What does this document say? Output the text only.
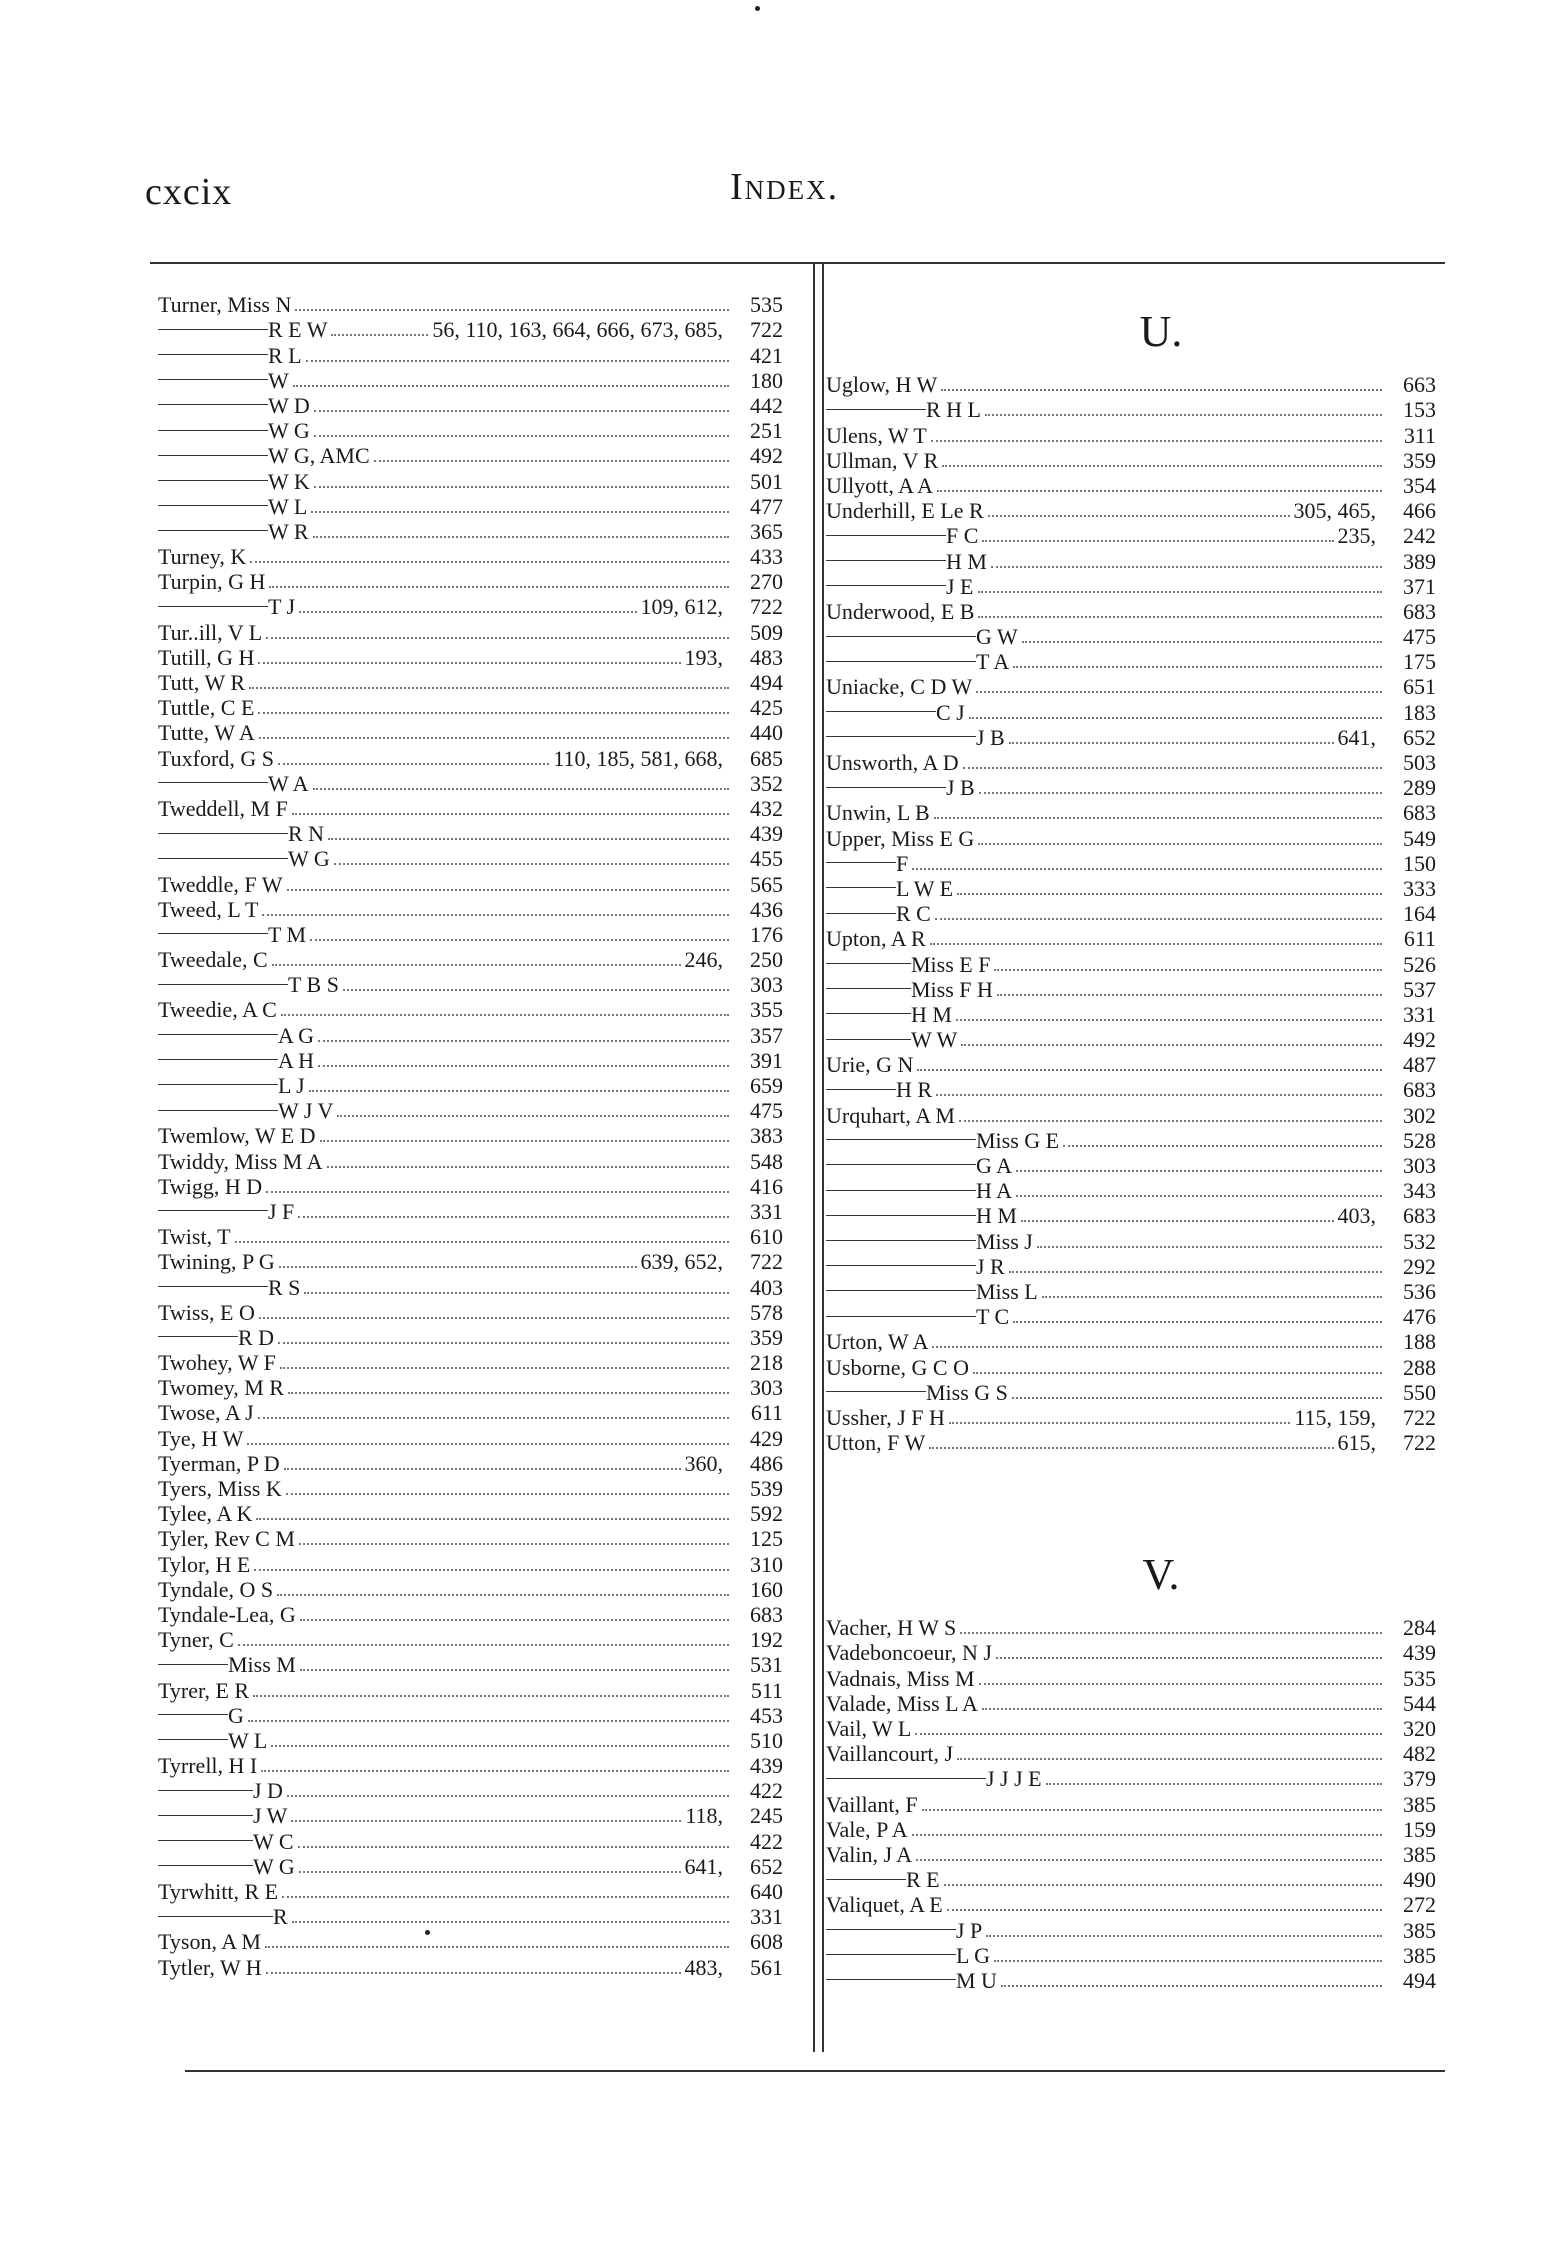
cxcix	Index.
Turner, Miss N	535
R E W	56, 110, 163, 664, 666, 673, 685,	722
R L	421
W	180
W D	442
W G	251
W G, AMC	492
W K	501
W L	477
W R	365
Turney, K	433
Turpin, G H	270
T J	109, 612,	722
Tur..ill, V L	509
Tutill, G H	193,	483
Tutt, W R	494
Tuttle, C E	425
Tutte, W A	440
Tuxford, G S	110, 185, 581, 668,	685
W A	352
Tweddell, M F	432
R N	439
W G	455
Tweddle, F W	565
Tweed, L T	436
T M	176
Tweedale, C	246,	250
T B S	303
Tweedie, A C	355
A G	357
A H	391
L J	659
W J V	475
Twemlow, W E D	383
Twiddy, Miss M A	548
Twigg, H D	416
J F	331
Twist, T	610
Twining, P G	639, 652,	722
R S	403
Twiss, E O	578
R D	359
Twohey, W F	218
Twomey, M R	303
Twose, A J	611
Tye, H W	429
Tyerman, P D	360,	486
Tyers, Miss K	539
Tylee, A K	592
Tyler, Rev C M	125
Tylor, H E	310
Tyndale, O S	160
Tyndale-Lea, G	683
Tyner, C	192
Miss M	531
Tyrer, E R	511
G	453
W L	510
Tyrrell, H I	439
J D	422
J W	118,	245
W C	422
W G	641,	652
Tyrwhitt, R E	640
R	331
Tyson, A M	608
Tytler, W H	483,	561
U.
Uglow, H W	663
R H L	153
Ulens, W T	311
Ullman, V R	359
Ullyott, A A	354
Underhill, E Le R	305, 465,	466
F C	235,	242
H M	389
J E	371
Underwood, E B	683
G W	475
T A	175
Uniacke, C D W	651
C J	183
J B	641,	652
Unsworth, A D	503
J B	289
Unwin, L B	683
Upper, Miss E G	549
F	150
L W E	333
R C	164
Upton, A R	611
Miss E F	526
Miss F H	537
H M	331
W W	492
Urie, G N	487
H R	683
Urquhart, A M	302
Miss G E	528
G A	303
H A	343
H M	403,	683
Miss J	532
J R	292
Miss L	536
T C	476
Urton, W A	188
Usborne, G C O	288
Miss G S	550
Ussher, J F H	115, 159,	722
Utton, F W	615,	722
V.
Vacher, H W S	284
Vadeboncoeur, N J	439
Vadnais, Miss M	535
Valade, Miss L A	544
Vail, W L	320
Vaillancourt, J	482
J J J E	379
Vaillant, F	385
Vale, P A	159
Valin, J A	385
R E	490
Valiquet, A E	272
J P	385
L G	385
M U	494
